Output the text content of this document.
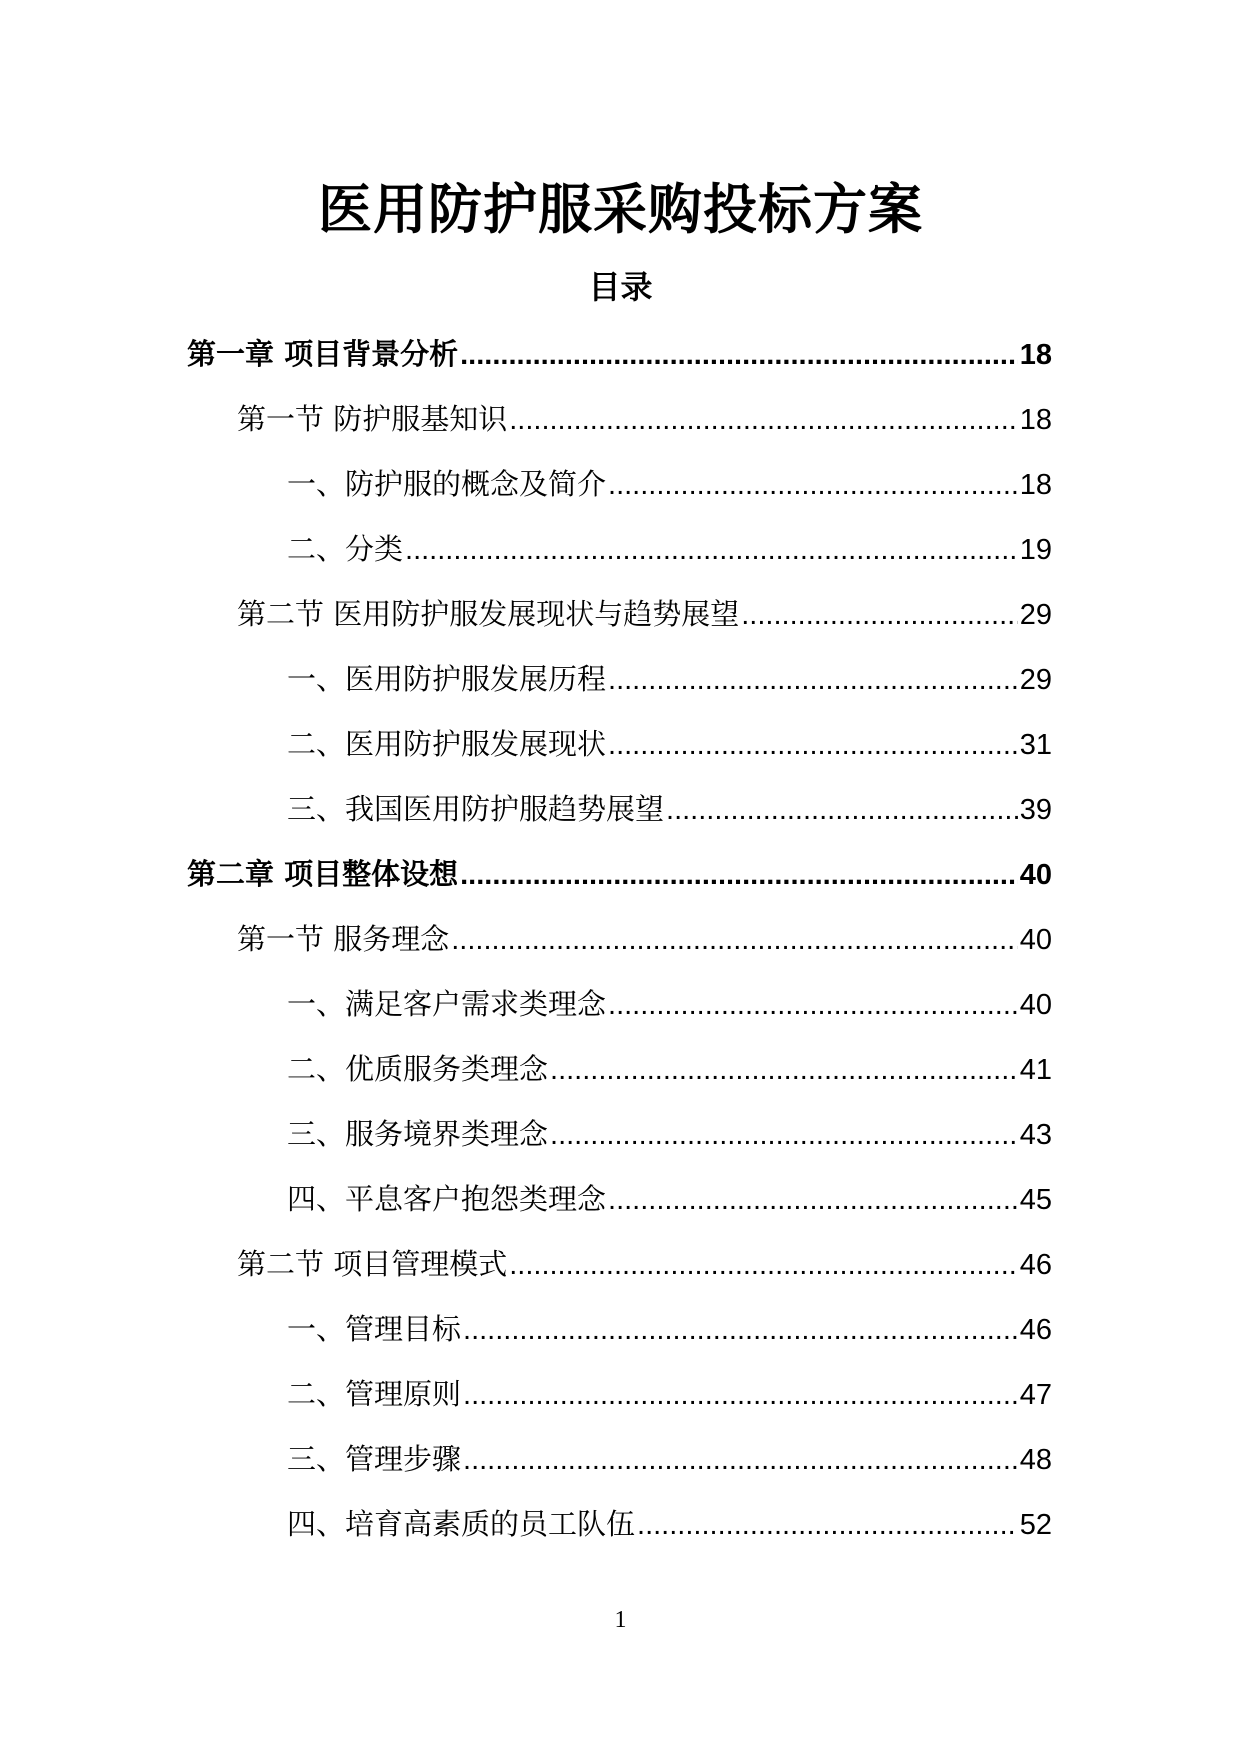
医用防护服采购投标方案
目录
第一章 项目背景分析 .....	18
第一节 防护服基知识 .....	18
一、防护服的概念及简介 .....	18
二、分类 .....	19
第二节 医用防护服发展现状与趋势展望 .....	29
一、医用防护服发展历程 .....	29
二、医用防护服发展现状 .....	31
三、我国医用防护服趋势展望 .....	39
第二章 项目整体设想 .....	40
第一节 服务理念 .....	40
一、满足客户需求类理念 .....	40
二、优质服务类理念 .....	41
三、服务境界类理念 .....	43
四、平息客户抱怨类理念 .....	45
第二节 项目管理模式 .....	46
一、管理目标 .....	46
二、管理原则 .....	47
三、管理步骤 .....	48
四、培育高素质的员工队伍 .....	52
1
